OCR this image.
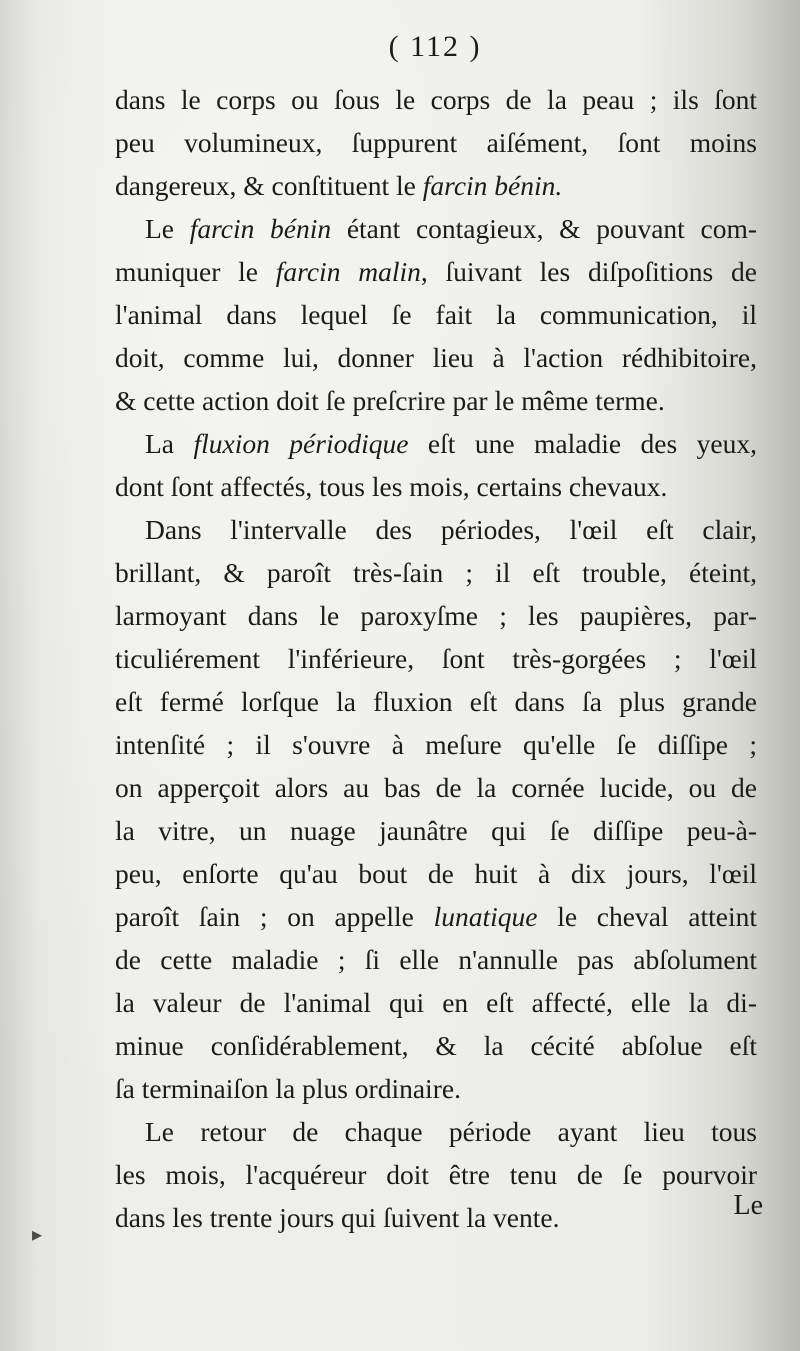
( 112 )
dans le corps ou ſous le corps de la peau ; ils ſont
peu volumineux, ſuppurent aiſément, ſont moins
dangereux, & conſtituent le farcin bénin.
Le farcin bénin étant contagieux, & pouvant com-
muniquer le farcin malin, ſuivant les diſpoſitions de
l'animal dans lequel ſe fait la communication, il
doit, comme lui, donner lieu à l'action rédhibitoire,
& cette action doit ſe preſcrire par le même terme.
La fluxion périodique eſt une maladie des yeux,
dont ſont affectés, tous les mois, certains chevaux.
Dans l'intervalle des périodes, l'œil eſt clair,
brillant, & paroît très-ſain ; il eſt trouble, éteint,
larmoyant dans le paroxyſme ; les paupières, par-
ticuliérement l'inférieure, ſont très-gorgées ; l'œil
eſt fermé lorſque la fluxion eſt dans ſa plus grande
intenſité ; il s'ouvre à meſure qu'elle ſe diſſipe ;
on apperçoit alors au bas de la cornée lucide, ou de
la vitre, un nuage jaunâtre qui ſe diſſipe peu-à-
peu, enſorte qu'au bout de huit à dix jours, l'œil
paroît ſain ; on appelle lunatique le cheval atteint
de cette maladie ; ſi elle n'annulle pas abſolument
la valeur de l'animal qui en eſt affecté, elle la di-
minue conſidérablement, & la cécité abſolue eſt
ſa terminaiſon la plus ordinaire.
Le retour de chaque période ayant lieu tous
les mois, l'acquéreur doit être tenu de ſe pourvoir
dans les trente jours qui ſuivent la vente.	Le
▸
